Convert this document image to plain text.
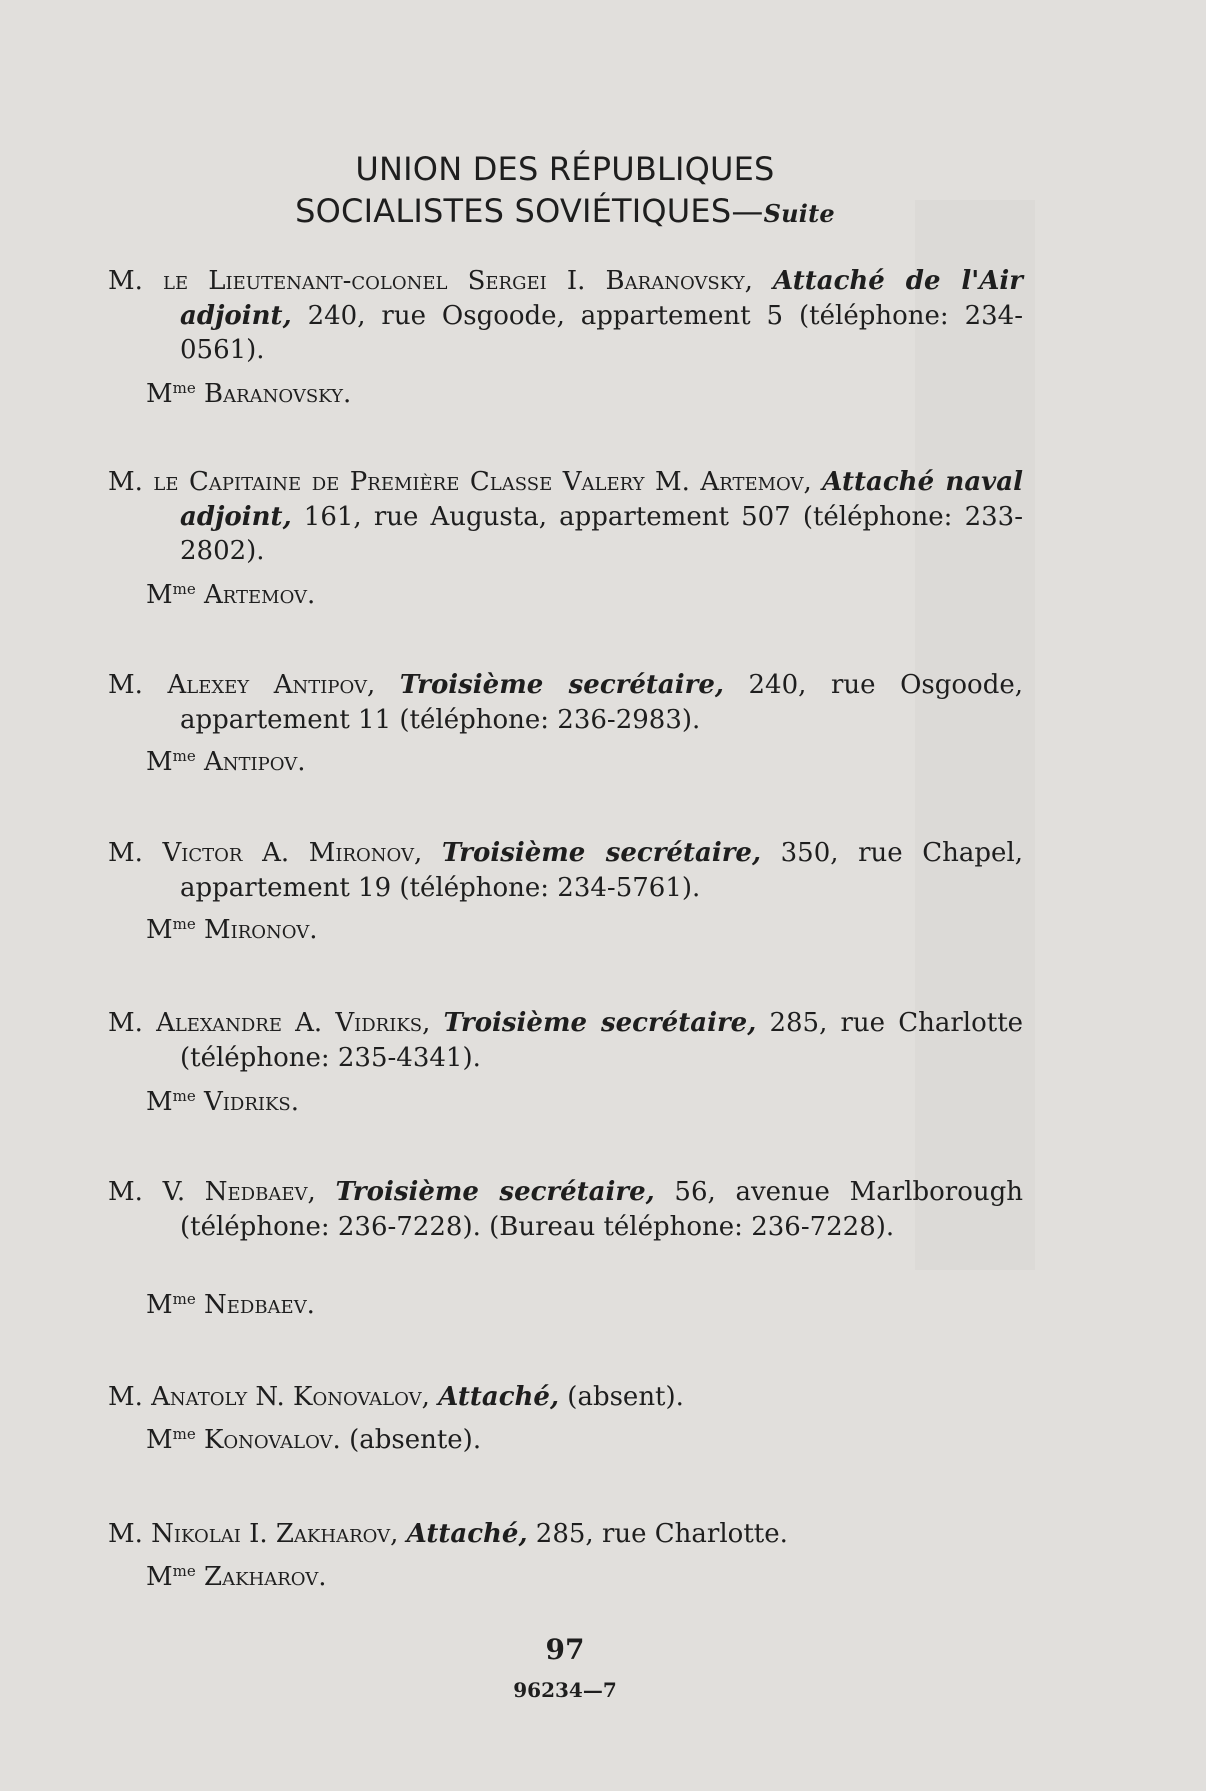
UNION DES RÉPUBLIQUES
SOCIALISTES SOVIÉTIQUES—Suite
M. le Lieutenant-colonel Sergei I. Baranovsky, Attaché de l'Air adjoint, 240, rue Osgoode, appartement 5 (téléphone: 234-0561).
$M^{me}$ Baranovsky.
M. le Capitaine de Première Classe Valery M. Artemov, Attaché naval adjoint, 161, rue Augusta, appartement 507 (téléphone: 233-2802).
$M^{me}$ Artemov.
M. Alexey Antipov, Troisième secrétaire, 240, rue Osgoode, appartement 11 (téléphone: 236-2983).
$M^{me}$ Antipov.
M. Victor A. Mironov, Troisième secrétaire, 350, rue Chapel, appartement 19 (téléphone: 234-5761).
$M^{me}$ Mironov.
M. Alexandre A. Vidriks, Troisième secrétaire, 285, rue Charlotte (téléphone: 235-4341).
$M^{me}$ Vidriks.
M. V. Nedbaev, Troisième secrétaire, 56, avenue Marlborough (téléphone: 236-7228). (Bureau téléphone: 236-7228).
$M^{me}$ Nedbaev.
M. Anatoly N. Konovalov, Attaché, (absent).
$M^{me}$ Konovalov. (absente).
M. Nikolai I. Zakharov, Attaché, 285, rue Charlotte.
$M^{me}$ Zakharov.
97
96234—7
